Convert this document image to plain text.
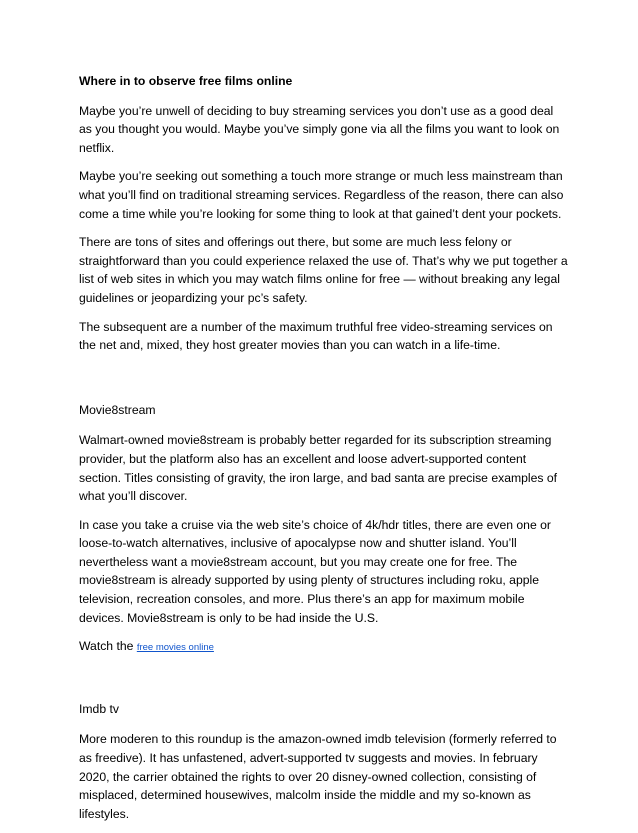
Where in to observe free films online

Maybe you’re unwell of deciding to buy streaming services you don’t use as a good deal as you thought you would. Maybe you’ve simply gone via all the films you want to look on netflix.

Maybe you’re seeking out something a touch more strange or much less mainstream than what you’ll find on traditional streaming services. Regardless of the reason, there can also come a time while you’re looking for some thing to look at that gained’t dent your pockets.

There are tons of sites and offerings out there, but some are much less felony or straightforward than you could experience relaxed the use of. That’s why we put together a list of web sites in which you may watch films online for free — without breaking any legal guidelines or jeopardizing your pc’s safety.

The subsequent are a number of the maximum truthful free video-streaming services on the net and, mixed, they host greater movies than you can watch in a life-time.

Movie8stream

Walmart-owned movie8stream is probably better regarded for its subscription streaming provider, but the platform also has an excellent and loose advert-supported content section. Titles consisting of gravity, the iron large, and bad santa are precise examples of what you’ll discover.

In case you take a cruise via the web site’s choice of 4k/hdr titles, there are even one or loose-to-watch alternatives, inclusive of apocalypse now and shutter island. You’ll nevertheless want a movie8stream account, but you may create one for free. The movie8stream is already supported by using plenty of structures including roku, apple television, recreation consoles, and more. Plus there’s an app for maximum mobile devices. Movie8stream is only to be had inside the U.S.

Watch the free movies online

Imdb tv

More moderen to this roundup is the amazon-owned imdb television (formerly referred to as freedive). It has unfastened, advert-supported tv suggests and movies. In february 2020, the carrier obtained the rights to over 20 disney-owned collection, consisting of misplaced, determined housewives, malcolm inside the middle and my so-known as lifestyles.
